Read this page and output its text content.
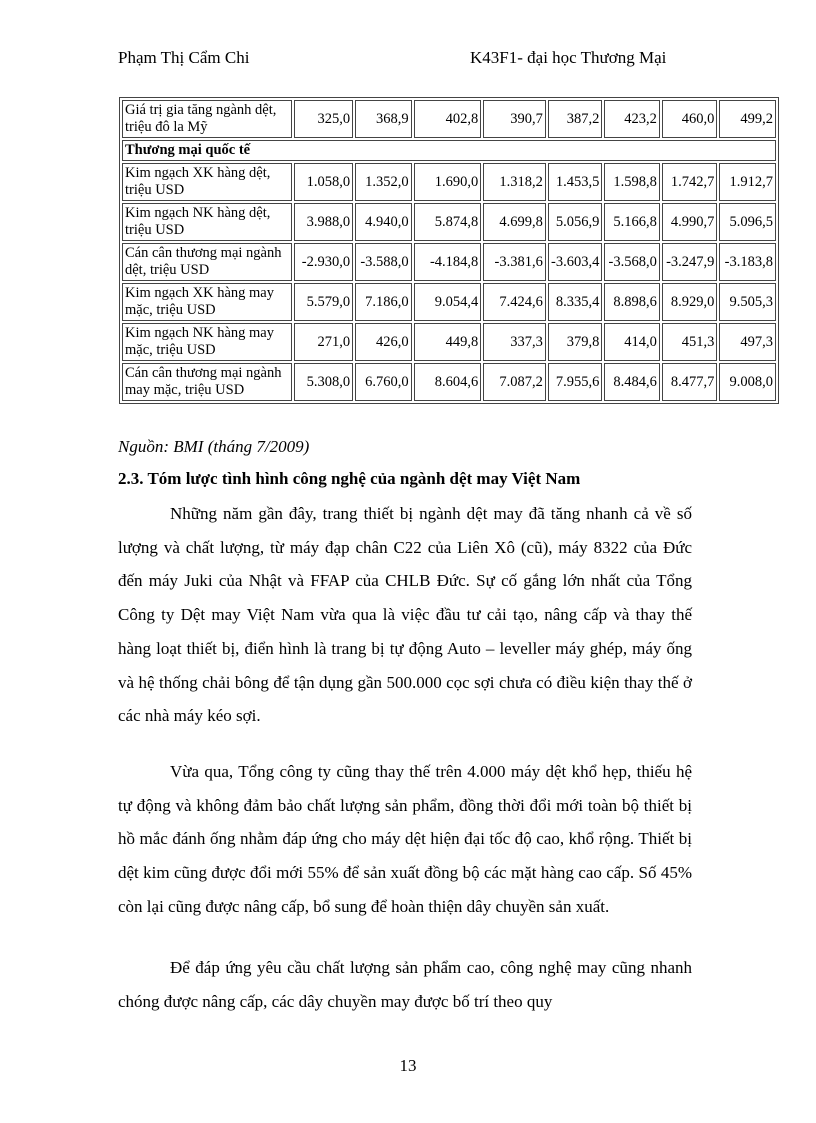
Phạm Thị Cẩm Chi	K43F1- đại học Thương Mại
Giá trị gia tăng ngành dệt, triệu đô la Mỹ	325,0	368,9	402,8	390,7	387,2	423,2	460,0	499,2
Thương mại quốc tế								
Kim ngạch XK hàng dệt, triệu USD	1.058,0	1.352,0	1.690,0	1.318,2	1.453,5	1.598,8	1.742,7	1.912,7
Kim ngạch NK hàng dệt, triệu USD	3.988,0	4.940,0	5.874,8	4.699,8	5.056,9	5.166,8	4.990,7	5.096,5
Cán cân thương mại ngành dệt, triệu USD	-2.930,0	-3.588,0	-4.184,8	-3.381,6	-3.603,4	-3.568,0	-3.247,9	-3.183,8
Kim ngạch XK hàng may mặc, triệu USD	5.579,0	7.186,0	9.054,4	7.424,6	8.335,4	8.898,6	8.929,0	9.505,3
Kim ngạch NK hàng may mặc, triệu USD	271,0	426,0	449,8	337,3	379,8	414,0	451,3	497,3
Cán cân thương mại ngành may mặc, triệu USD	5.308,0	6.760,0	8.604,6	7.087,2	7.955,6	8.484,6	8.477,7	9.008,0
Nguồn: BMI (tháng 7/2009)
2.3. Tóm lược tình hình công nghệ của ngành dệt may Việt Nam

Những năm gần đây, trang thiết bị ngành dệt may đã tăng nhanh cả về số lượng và chất lượng, từ máy đạp chân C22 của Liên Xô (cũ), máy 8322 của Đức đến máy Juki của Nhật và FFAP của CHLB Đức. Sự cố gắng lớn nhất của Tổng Công ty Dệt may Việt Nam vừa qua là việc đầu tư cải tạo, nâng cấp và thay thế hàng loạt thiết bị, điển hình là trang bị tự động Auto – leveller máy ghép, máy ống và hệ thống chải bông để tận dụng gần 500.000 cọc sợi chưa có điều kiện thay thế ở các nhà máy kéo sợi.

Vừa qua, Tổng công ty cũng thay thế trên 4.000 máy dệt khổ hẹp, thiếu hệ tự động và không đảm bảo chất lượng sản phẩm, đồng thời đổi mới toàn bộ thiết bị hồ mắc đánh ống nhằm đáp ứng cho máy dệt hiện đại tốc độ cao, khổ rộng. Thiết bị dệt kim cũng được đổi mới 55% để sản xuất đồng bộ các mặt hàng cao cấp. Số 45% còn lại cũng được nâng cấp, bổ sung để hoàn thiện dây chuyền sản xuất.

Để đáp ứng yêu cầu chất lượng sản phẩm cao, công nghệ may cũng nhanh chóng được nâng cấp, các dây chuyền may được bố trí theo quy

13
